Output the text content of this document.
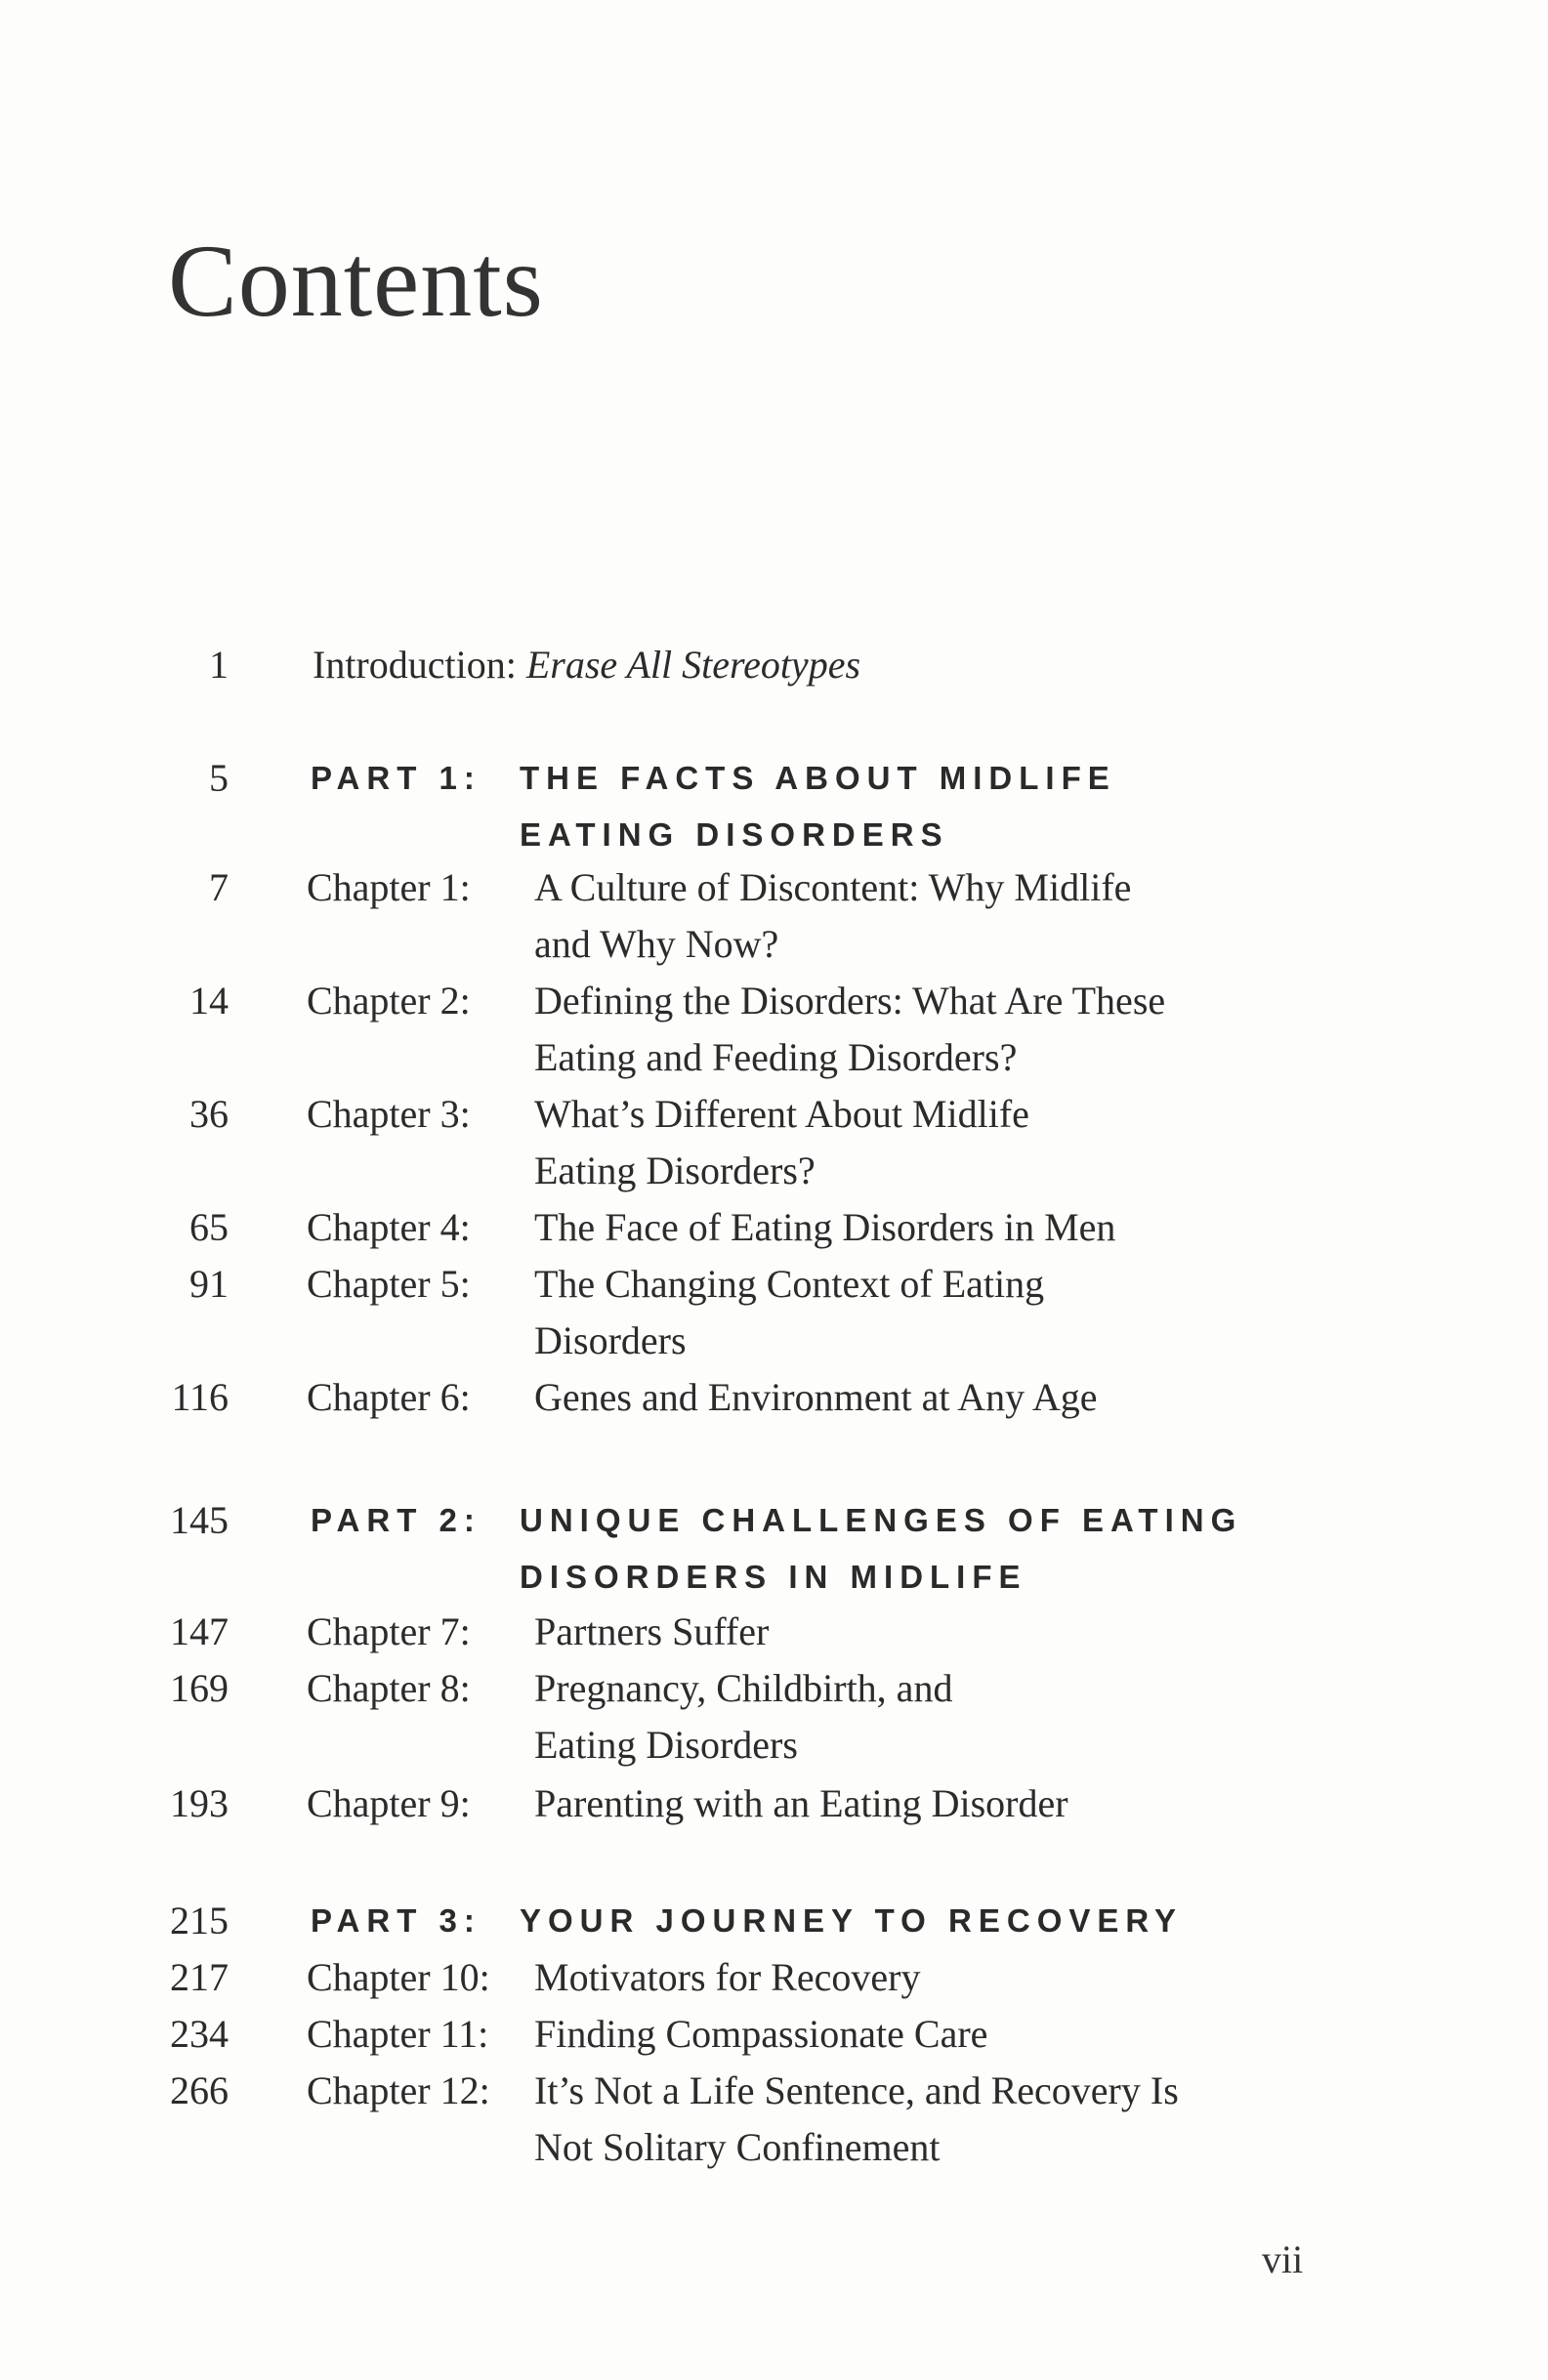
Contents
1 Introduction: Erase All Stereotypes
5	PART 1: THE FACTS ABOUT MIDLIFE
EATING DISORDERS
7 Chapter 1: A Culture of Discontent: Why Midlife
and Why Now?
14 Chapter 2: Defining the Disorders: What Are These
Eating and Feeding Disorders?
36 Chapter 3: What’s Different About Midlife
Eating Disorders?
65 Chapter 4: The Face of Eating Disorders in Men
91 Chapter 5: The Changing Context of Eating
Disorders
116 Chapter 6: Genes and Environment at Any Age
145	PART 2: UNIQUE CHALLENGES OF EATING
DISORDERS IN MIDLIFE
147 Chapter 7: Partners Suffer
169 Chapter 8: Pregnancy, Childbirth, and
Eating Disorders
193 Chapter 9: Parenting with an Eating Disorder
215	PART 3: YOUR JOURNEY TO RECOVERY
217 Chapter 10: Motivators for Recovery
234 Chapter 11: Finding Compassionate Care
266 Chapter 12: It’s Not a Life Sentence, and Recovery Is
Not Solitary Confinement
vii
